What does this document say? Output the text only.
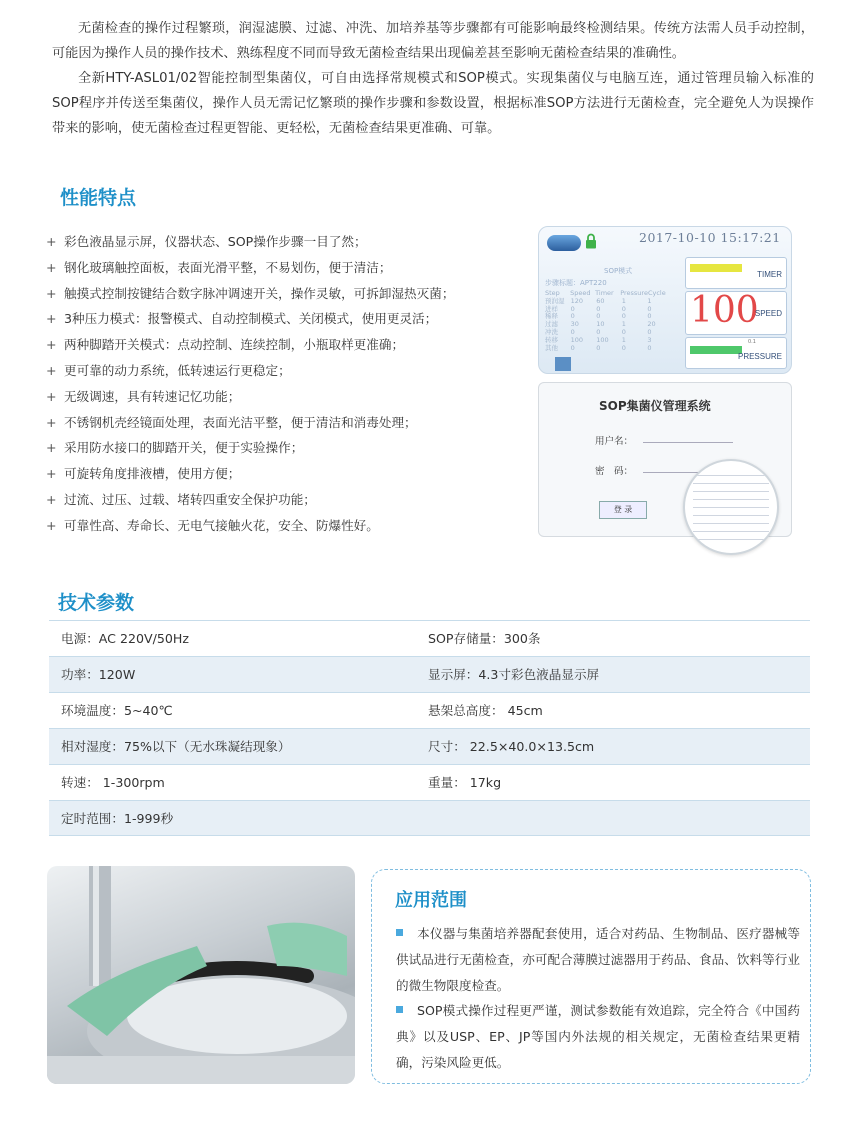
无菌检查的操作过程繁琐，润湿滤膜、过滤、冲洗、加培养基等步骤都有可能影响最终检测结果。传统方法需人员手动控制，可能因为操作人员的操作技术、熟练程度不同而导致无菌检查结果出现偏差甚至影响无菌检查结果的准确性。

全新HTY-ASL01/02智能控制型集菌仪，可自由选择常规模式和SOP模式。实现集菌仪与电脑互连，通过管理员输入标准的SOP程序并传送至集菌仪，操作人员无需记忆繁琐的操作步骤和参数设置，根据标准SOP方法进行无菌检查，完全避免人为误操作带来的影响，使无菌检查过程更智能、更轻松，无菌检查结果更准确、可靠。

性能特点
+ 彩色液晶显示屏，仪器状态、SOP操作步骤一目了然；
+ 钢化玻璃触控面板，表面光滑平整，不易划伤，便于清洁；
+ 触摸式控制按键结合数字脉冲调速开关，操作灵敏，可拆卸湿热灭菌；
+ 3种压力模式：报警模式、自动控制模式、关闭模式，使用更灵活；
+ 两种脚踏开关模式：点动控制、连续控制，小瓶取样更准确；
+ 更可靠的动力系统，低转速运行更稳定；
+ 无级调速，具有转速记忆功能；
+ 不锈钢机壳经镜面处理，表面光洁平整，便于清洁和消毒处理；
+ 采用防水接口的脚踏开关，便于实验操作；
+ 可旋转角度排液槽，使用方便；
+ 过流、过压、过载、堵转四重安全保护功能；
+ 可靠性高、寿命长、无电气接触火花，安全、防爆性好。
2017-10-10 15:17:21
SOP模式
步骤标题：APT220
Step	Speed Timer Pressure Cycle
预润湿 120	60	1	1
进样	0	0	0	0
稀释	0	0	0	0
过滤	30	10	1	20
冲洗	0	0	0	0
转移	100	100	1	3
其他	0	0	0	0
TIMER
100
SPEED
0.1
PRESSURE
SOP集菌仪管理系统
用户名：
密　码：
登 录
技术参数
电源：AC 220V/50Hz	SOP存储量：300条
功率：120W	显示屏：4.3寸彩色液晶显示屏
环境温度：5~40℃	悬架总高度： 45cm
相对湿度：75%以下（无水珠凝结现象）	尺寸： 22.5×40.0×13.5cm
转速： 1-300rpm	重量： 17kg
定时范围：1-999秒
应用范围
本仪器与集菌培养器配套使用，适合对药品、生物制品、医疗器械等供试品进行无菌检查，亦可配合薄膜过滤器用于药品、食品、饮料等行业的微生物限度检查。
SOP模式操作过程更严谨，测试参数能有效追踪，完全符合《中国药典》以及USP、EP、JP等国内外法规的相关规定，无菌检查结果更精确，污染风险更低。
